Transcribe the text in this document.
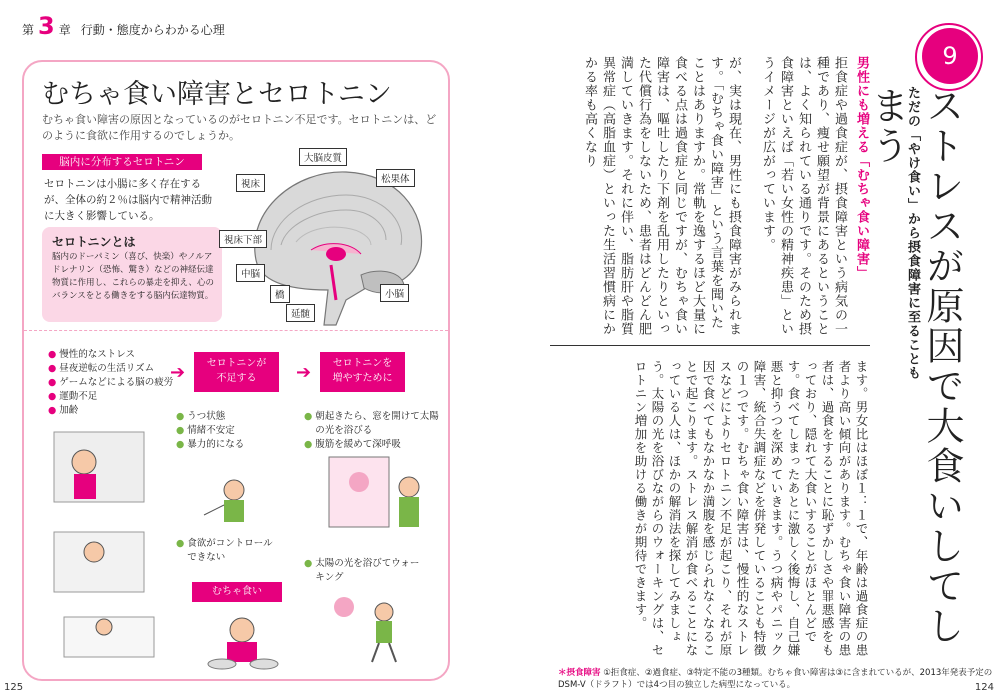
第 3 章 行動・態度からわかる心理
むちゃ食い障害とセロトニン
むちゃ食い障害の原因となっているのがセロトニン不足です。セロトニンは、どのように食欲に作用するのでしょうか。
脳内に分布するセロトニン
セロトニンは小腸に多く存在するが、全体の約２％は脳内で精神活動に大きく影響している。
セロトニンとは
脳内のドーパミン（喜び、快楽）やノルアドレナリン（恐怖、驚き）などの神経伝達物質に作用し、これらの暴走を抑え、心のバランスをとる働きをする脳内伝達物質。
大脳皮質
視床	松果体
視床下部
中脳
橋	小脳
延髄
● 慢性的なストレス
● 昼夜逆転の生活リズム
● ゲームなどによる脳の疲労
● 運動不足
● 加齢
➔	セロトニンが
不足する
● うつ状態
● 情緒不安定
● 暴力的になる
● 食欲がコントロール
できない
むちゃ食い
➔	セロトニンを
増やすために
● 朝起きたら、窓を開けて太陽の光を浴びる
● 腹筋を緩めて深呼吸
● 太陽の光を浴びてウォーキング
125
9
ストレスが原因で大食いしてしまう
ただの「やけ食い」から摂食障害に至ることも
男性にも増える「むちゃ食い障害」
拒食症や過食症が、摂食障害という病気の一種であり、痩せ願望が背景にあるということは、よく知られている通りです。そのため摂食障害といえば「若い女性の精神疾患」というイメージが広がっています。
が、実は現在、男性にも摂食障害がみられます。「むちゃ食い障害」という言葉を聞いたことはありますか。常軌を逸するほど大量に食べる点は過食症と同じですが、むちゃ食い障害は、嘔吐したり下剤を乱用したりといった代償行為をしないため、患者はどんどん肥満していきます。それに伴い、脂肪肝や脂質異常症（高脂血症）といった生活習慣病にかかる率も高くなり
ます。男女比はほぼ１：１で、年齢は過食症の患者より高い傾向があります。むちゃ食い障害の患者は、過食をすることに恥ずかしさや罪悪感をもっており、隠れて大食いすることがほとんどです。食べてしまったあとに激しく後悔し、自己嫌悪と抑うつを深めていきます。うつ病やパニック障害、統合失調症などを併発していることも特徴の１つです。むちゃ食い障害は、慢性的なストレスなどによりセロトニン不足が起こり、それが原因で食べてもなかなか満腹を感じられなくなることで起こります。ストレス解消が食べることになっている人は、ほかの解消法を探してみましょう。太陽の光を浴びながらのウォーキングは、セロトニン増加を助ける働きが期待できます。
＊摂食障害 ①拒食症、②過食症、③特定不能の3種類。むちゃ食い障害は③に含まれているが、2013年発表予定のDSM-V（ドラフト）では4つ目の独立した病型になっている。	124
